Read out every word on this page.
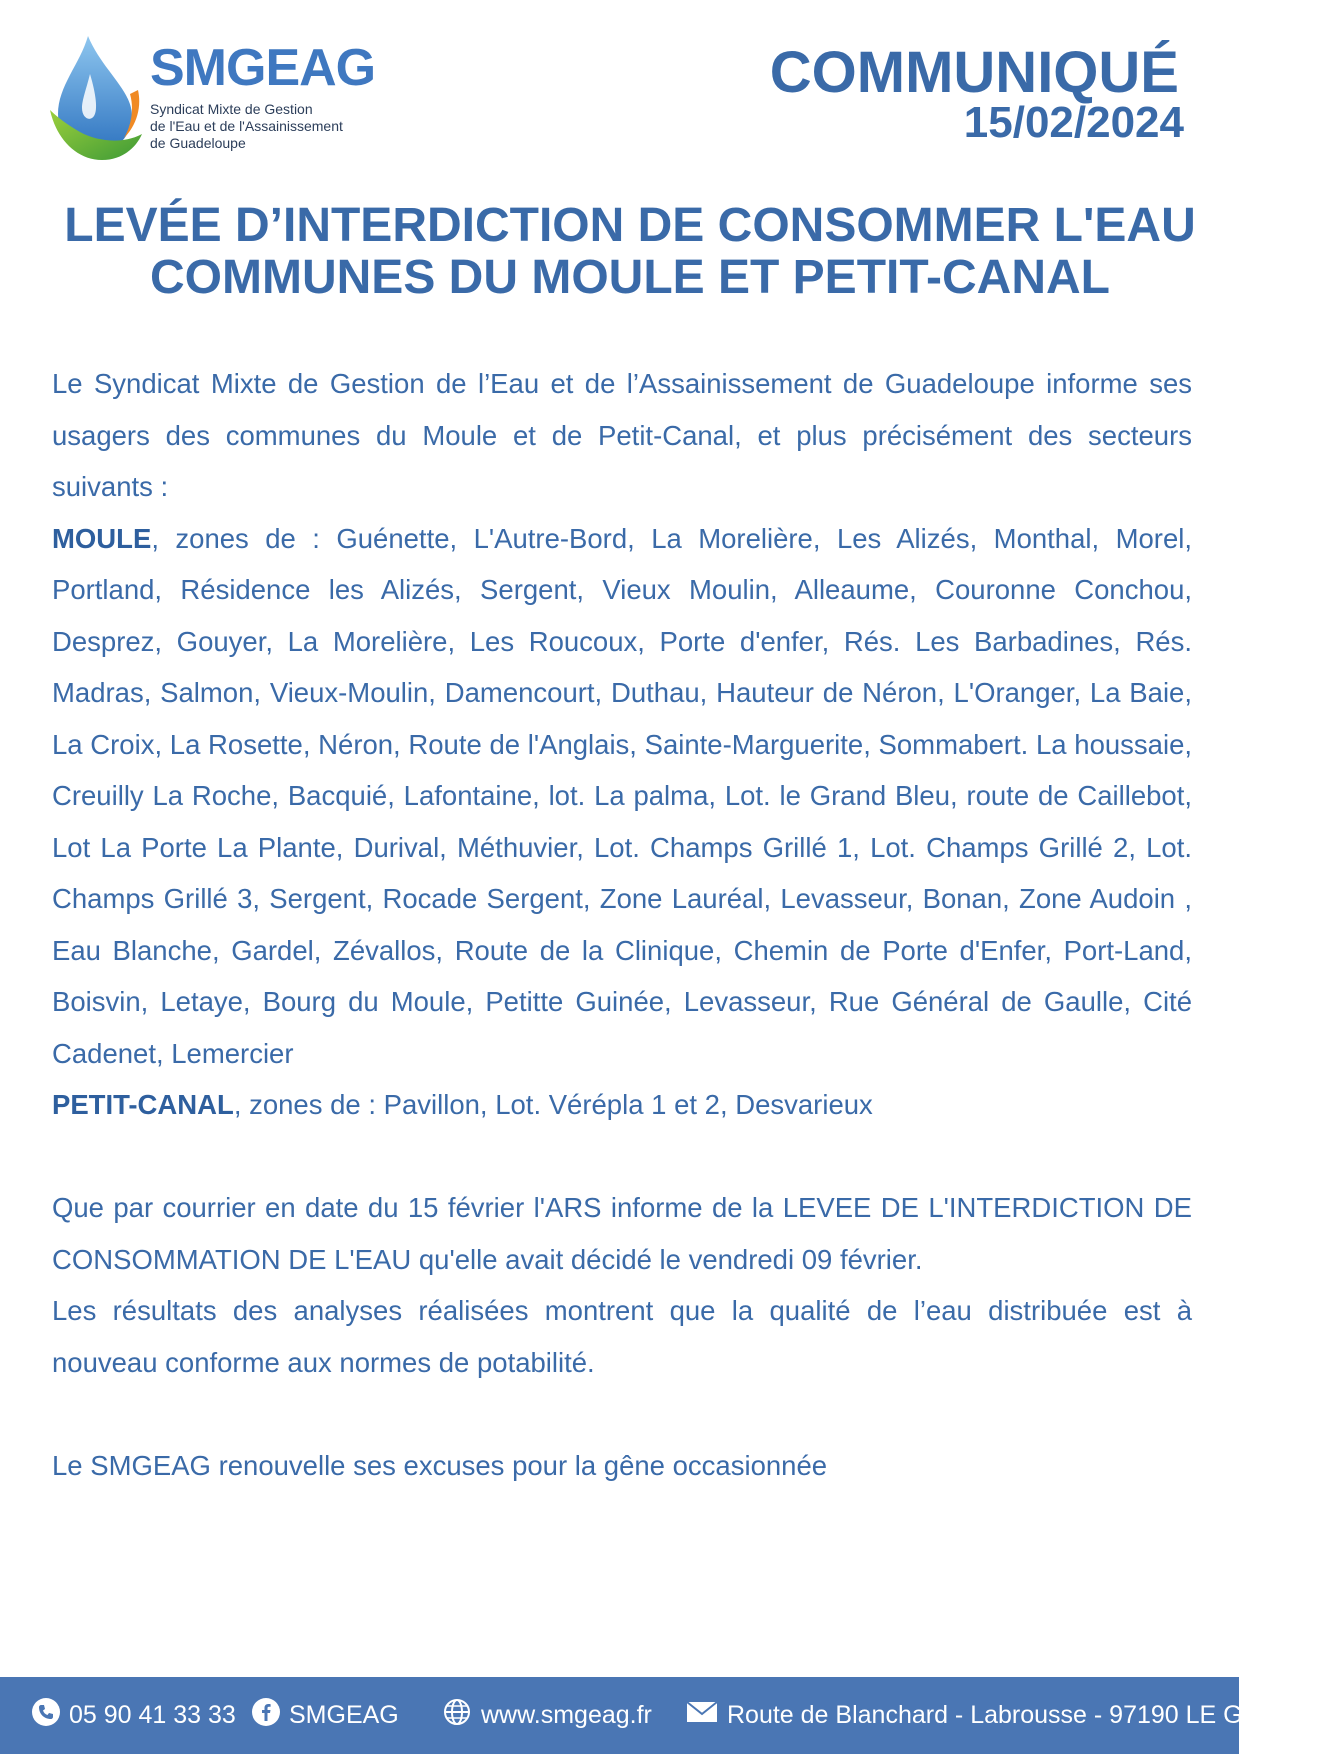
SMGEAG
Syndicat Mixte de Gestion
de l'Eau et de l'Assainissement
de Guadeloupe
COMMUNIQUÉ
15/02/2024
LEVÉE D’INTERDICTION DE CONSOMMER L'EAU
COMMUNES DU MOULE ET PETIT-CANAL

Le Syndicat Mixte de Gestion de l’Eau et de l’Assainissement de Guadeloupe informe ses usagers des communes du Moule et de Petit-Canal, et plus précisément des secteurs suivants :

MOULE, zones de : Guénette, L'Autre-Bord, La Morelière, Les Alizés, Monthal, Morel, Portland, Résidence les Alizés, Sergent, Vieux Moulin, Alleaume, Couronne Conchou, Desprez, Gouyer, La Morelière, Les Roucoux, Porte d'enfer, Rés. Les Barbadines, Rés. Madras, Salmon, Vieux-Moulin, Damencourt, Duthau, Hauteur de Néron, L'Oranger, La Baie, La Croix, La Rosette, Néron, Route de l'Anglais, Sainte-Marguerite, Sommabert. La houssaie, Creuilly La Roche, Bacquié, Lafontaine, lot. La palma, Lot. le Grand Bleu, route de Caillebot, Lot La Porte La Plante, Durival, Méthuvier, Lot. Champs Grillé 1, Lot. Champs Grillé 2, Lot. Champs Grillé 3, Sergent, Rocade Sergent, Zone Lauréal, Levasseur, Bonan, Zone Audoin , Eau Blanche, Gardel, Zévallos, Route de la Clinique, Chemin de Porte d'Enfer, Port-Land, Boisvin, Letaye, Bourg du Moule, Petitte Guinée, Levasseur, Rue Général de Gaulle, Cité Cadenet, Lemercier

PETIT-CANAL, zones de : Pavillon, Lot. Vérépla 1 et 2, Desvarieux

Que par courrier en date du 15 février l'ARS informe de la LEVEE DE L'INTERDICTION DE CONSOMMATION DE L'EAU qu'elle avait décidé le vendredi 09 février.

Les résultats des analyses réalisées montrent que la qualité de l’eau distribuée est à nouveau conforme aux normes de potabilité.

Le SMGEAG renouvelle ses excuses pour la gêne occasionnée

05 90 41 33 33 SMGEAG	www.smgeag.fr	Route de Blanchard - Labrousse - 97190 LE GOSIER
